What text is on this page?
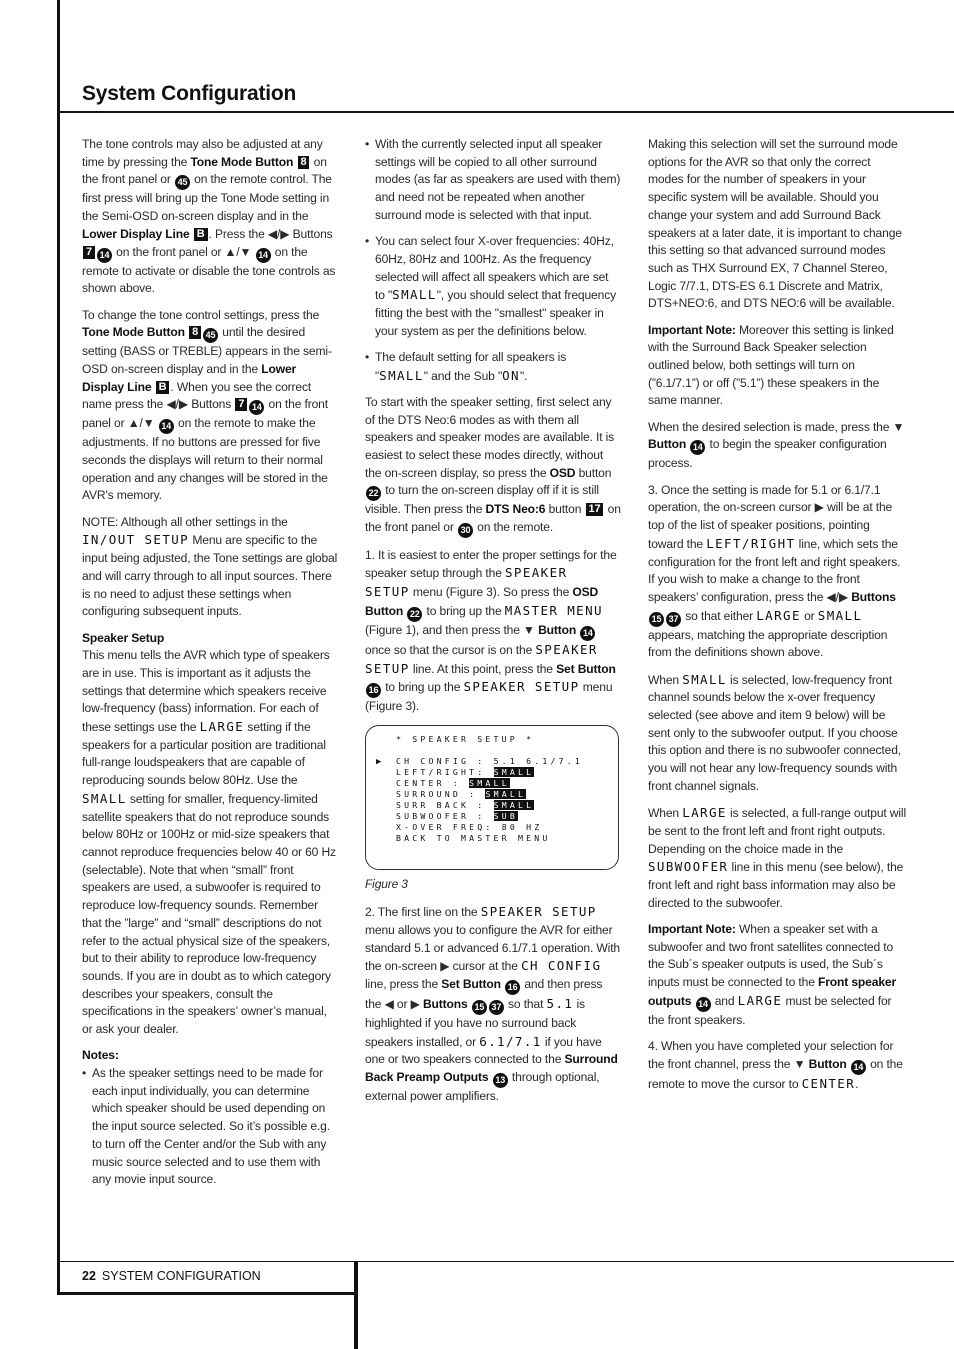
System Configuration

The tone controls may also be adjusted at any time by pressing the Tone Mode Button 8 on the front panel or 45 on the remote control. The first press will bring up the Tone Mode setting in the Semi-OSD on-screen display and in the Lower Display Line B . Press the ◀/▶ Buttons 7 14 on the front panel or ▲/▼ 14 on the remote to activate or disable the tone controls as shown above.

To change the tone control settings, press the Tone Mode Button 8 45 until the desired setting (BASS or TREBLE) appears in the semi-OSD on-screen display and in the Lower Display Line B . When you see the correct name press the ◀/▶ Buttons 7 14 on the front panel or ▲/▼ 14 on the remote to make the adjustments. If no buttons are pressed for five seconds the displays will return to their normal operation and any changes will be stored in the AVR's memory.

NOTE: Although all other settings in the IN/OUT SETUP Menu are specific to the input being adjusted, the Tone settings are global and will carry through to all input sources. There is no need to adjust these settings when configuring subsequent inputs.

Speaker Setup

This menu tells the AVR which type of speakers are in use. This is important as it adjusts the settings that determine which speakers receive low-frequency (bass) information. For each of these settings use the LARGE setting if the speakers for a particular position are traditional full-range loudspeakers that are capable of reproducing sounds below 80Hz. Use the SMALL setting for smaller, frequency-limited satellite speakers that do not reproduce sounds below 80Hz or 100Hz or mid-size speakers that cannot reproduce frequencies below 40 or 60 Hz (selectable). Note that when “small” front speakers are used, a subwoofer is required to reproduce low-frequency sounds. Remember that the ”large” and “small” descriptions do not refer to the actual physical size of the speakers, but to their ability to reproduce low-frequency sounds. If you are in doubt as to which category describes your speakers, consult the specifications in the speakers’ owner’s manual, or ask your dealer.

Notes:

• As the speaker settings need to be made for each input individually, you can determine which speaker should be used depending on the input source selected. So it’s possible e.g. to turn off the Center and/or the Sub with any music source selected and to use them with any movie input source.
• With the currently selected input all speaker settings will be copied to all other surround modes (as far as speakers are used with them) and need not be repeated when another surround mode is selected with that input.
• You can select four X-over frequencies: 40Hz, 60Hz, 80Hz and 100Hz. As the frequency selected will affect all speakers which are set to "SMALL", you should select that frequency fitting the best with the "smallest" speaker in your system as per the definitions below.
• The default setting for all speakers is "SMALL" and the Sub "ON".

To start with the speaker setting, first select any of the DTS Neo:6 modes as with them all speakers and speaker modes are available. It is easiest to select these modes directly, without the on-screen display, so press the OSD button 22 to turn the on-screen display off if it is still visible. Then press the DTS Neo:6 button 17 on the front panel or 30 on the remote.

1. It is easiest to enter the proper settings for the speaker setup through the SPEAKER SETUP menu (Figure 3). So press the OSD Button 22 to bring up the MASTER MENU (Figure 1), and then press the ▼ Button 14 once so that the cursor is on the SPEAKER SETUP line. At this point, press the Set Button 16 to bring up the SPEAKER SETUP menu (Figure 3).

* SPEAKER SETUP *
▶ CH CONFIG : 5.1 6.1/7.1
LEFT/RIGHT: SMALL
CENTER : SMALL
SURROUND : SMALL
SURR BACK : SMALL
SUBWOOFER : SUB
X-OVER FREQ: 80 HZ
BACK TO MASTER MENU
Figure 3

2. The first line on the SPEAKER SETUP menu allows you to configure the AVR for either standard 5.1 or advanced 6.1/7.1 operation. With the on-screen ▶ cursor at the CH CONFIG line, press the Set Button 16 and then press the ◀ or ▶ Buttons 15 37 so that 5.1 is highlighted if you have no surround back speakers installed, or 6.1/7.1 if you have one or two speakers connected to the Surround Back Preamp Outputs 13 through optional, external power amplifiers.

Making this selection will set the surround mode options for the AVR so that only the correct modes for the number of speakers in your specific system will be available. Should you change your system and add Surround Back speakers at a later date, it is important to change this setting so that advanced surround modes such as THX Surround EX, 7 Channel Stereo, Logic 7/7.1, DTS-ES 6.1 Discrete and Matrix, DTS+NEO:6, and DTS NEO:6 will be available.

Important Note: Moreover this setting is linked with the Surround Back Speaker selection outlined below, both settings will turn on (”6.1/7.1”) or off (”5.1”) these speakers in the same manner.

When the desired selection is made, press the ▼ Button 14 to begin the speaker configuration process.

3. Once the setting is made for 5.1 or 6.1/7.1 operation, the on-screen cursor ▶ will be at the top of the list of speaker positions, pointing toward the LEFT/RIGHT line, which sets the configuration for the front left and right speakers. If you wish to make a change to the front speakers’ configuration, press the ◀/▶ Buttons 15 37 so that either LARGE or SMALL appears, matching the appropriate description from the definitions shown above.

When SMALL is selected, low-frequency front channel sounds below the x-over frequency selected (see above and item 9 below) will be sent only to the subwoofer output. If you choose this option and there is no subwoofer connected, you will not hear any low-frequency sounds with front channel signals.

When LARGE is selected, a full-range output will be sent to the front left and front right outputs. Depending on the choice made in the SUBWOOFER line in this menu (see below), the front left and right bass information may also be directed to the subwoofer.

Important Note: When a speaker set with a subwoofer and two front satellites connected to the Sub´s speaker outputs is used, the Sub´s inputs must be connected to the Front speaker outputs 14 and LARGE must be selected for the front speakers.

4. When you have completed your selection for the front channel, press the ▼ Button 14 on the remote to move the cursor to CENTER.

22 SYSTEM CONFIGURATION
